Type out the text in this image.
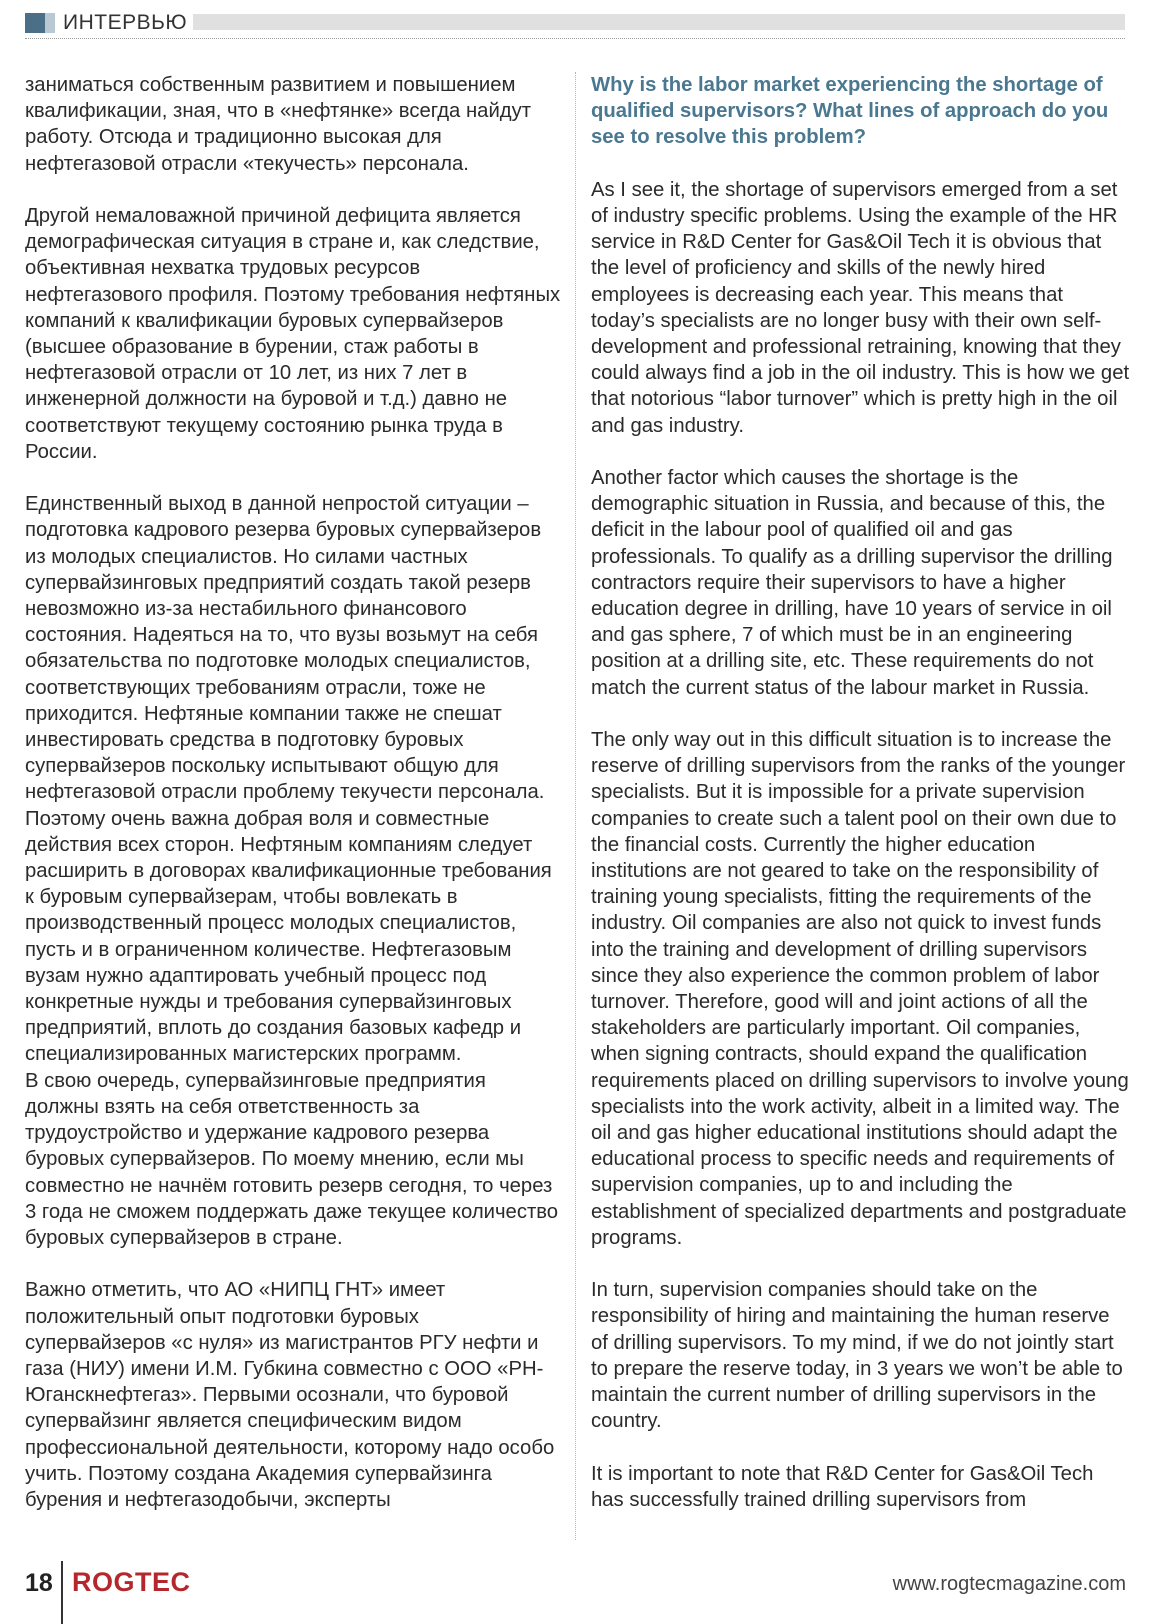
ИНТЕРВЬЮ
заниматься собственным развитием и повышением квалификации, зная, что в «нефтянке» всегда найдут работу. Отсюда и традиционно высокая для нефтегазовой отрасли «текучесть» персонала.
Другой немаловажной причиной дефицита является демографическая ситуация в стране и, как следствие, объективная нехватка трудовых ресурсов нефтегазового профиля. Поэтому требования нефтяных компаний к квалификации буровых супервайзеров (высшее образование в бурении, стаж работы в нефтегазовой отрасли от 10 лет, из них 7 лет в инженерной должности на буровой и т.д.) давно не соответствуют текущему состоянию рынка труда в России.
Единственный выход в данной непростой ситуации – подготовка кадрового резерва буровых супервайзеров из молодых специалистов. Но силами частных супервайзинговых предприятий создать такой резерв невозможно из-за нестабильного финансового состояния. Надеяться на то, что вузы возьмут на себя обязательства по подготовке молодых специалистов, соответствующих требованиям отрасли, тоже не приходится. Нефтяные компании также не спешат инвестировать средства в подготовку буровых супервайзеров поскольку испытывают общую для нефтегазовой отрасли проблему текучести персонала. Поэтому очень важна добрая воля и совместные действия всех сторон. Нефтяным компаниям следует расширить в договорах квалификационные требования к буровым супервайзерам, чтобы вовлекать в производственный процесс молодых специалистов, пусть и в ограниченном количестве. Нефтегазовым вузам нужно адаптировать учебный процесс под конкретные нужды и требования супервайзинговых предприятий, вплоть до создания базовых кафедр и специализированных магистерских программ.
В свою очередь, супервайзинговые предприятия должны взять на себя ответственность за трудоустройство и удержание кадрового резерва буровых супервайзеров. По моему мнению, если мы совместно не начнём готовить резерв сегодня, то через 3 года не сможем поддержать даже текущее количество буровых супервайзеров в стране.
Важно отметить, что АО «НИПЦ ГНТ» имеет положительный опыт подготовки буровых супервайзеров «с нуля» из магистрантов РГУ нефти и газа (НИУ) имени И.М. Губкина совместно с ООО «РН-Юганскнефтегаз». Первыми осознали, что буровой супервайзинг является специфическим видом профессиональной деятельности, которому надо особо учить. Поэтому создана Академия супервайзинга бурения и нефтегазодобычи, эксперты
Why is the labor market experiencing the shortage of qualified supervisors? What lines of approach do you see to resolve this problem?
As I see it, the shortage of supervisors emerged from a set of industry specific problems. Using the example of the HR service in R&D Center for Gas&Oil Tech it is obvious that the level of proficiency and skills of the newly hired employees is decreasing each year. This means that today’s specialists are no longer busy with their own self-development and professional retraining, knowing that they could always find a job in the oil industry. This is how we get that notorious “labor turnover” which is pretty high in the oil and gas industry.
Another factor which causes the shortage is the demographic situation in Russia, and because of this, the deficit in the labour pool of qualified oil and gas professionals. To qualify as a drilling supervisor the drilling contractors require their supervisors to have a higher education degree in drilling, have 10 years of service in oil and gas sphere, 7 of which must be in an engineering position at a drilling site, etc. These requirements do not match the current status of the labour market in Russia.
The only way out in this difficult situation is to increase the reserve of drilling supervisors from the ranks of the younger specialists. But it is impossible for a private supervision companies to create such a talent pool on their own due to the financial costs. Currently the higher education institutions are not geared to take on the responsibility of training young specialists, fitting the requirements of the industry. Oil companies are also not quick to invest funds into the training and development of drilling supervisors since they also experience the common problem of labor turnover. Therefore, good will and joint actions of all the stakeholders are particularly important. Oil companies, when signing contracts, should expand the qualification requirements placed on drilling supervisors to involve young specialists into the work activity, albeit in a limited way. The oil and gas higher educational institutions should adapt the educational process to specific needs and requirements of supervision companies, up to and including the establishment of specialized departments and postgraduate programs.
In turn, supervision companies should take on the responsibility of hiring and maintaining the human reserve of drilling supervisors. To my mind, if we do not jointly start to prepare the reserve today, in 3 years we won’t be able to maintain the current number of drilling supervisors in the country.
It is important to note that R&D Center for Gas&Oil Tech has successfully trained drilling supervisors from
18 ROGTEC	www.rogtecmagazine.com
